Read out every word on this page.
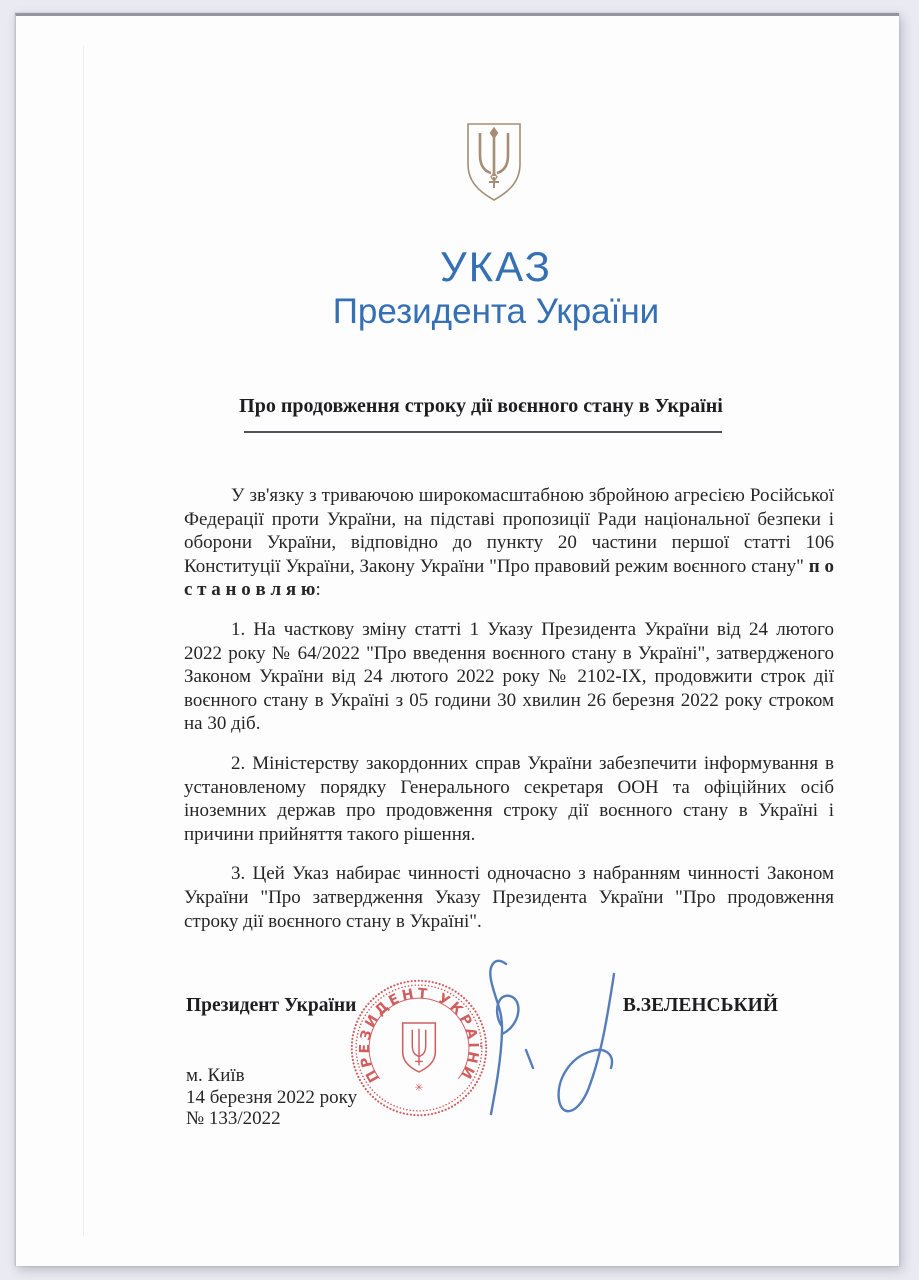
УКАЗ
Президента України
Про продовження строку дії воєнного стану в Україні

У зв'язку з триваючою широкомасштабною збройною агресією Російської Федерації проти України, на підставі пропозиції Ради національної безпеки і оборони України, відповідно до пункту 20 частини першої статті 106 Конституції України, Закону України "Про правовий режим воєнного стану" п о с т а н о в л я ю:

1. На часткову зміну статті 1 Указу Президента України від 24 лютого 2022 року № 64/2022 "Про введення воєнного стану в Україні", затвердженого Законом України від 24 лютого 2022 року № 2102-ІХ, продовжити строк дії воєнного стану в Україні з 05 години 30 хвилин 26 березня 2022 року строком на 30 діб.

2. Міністерству закордонних справ України забезпечити інформування в установленому порядку Генерального секретаря ООН та офіційних осіб іноземних держав про продовження строку дії воєнного стану в Україні і причини прийняття такого рішення.

3. Цей Указ набирає чинності одночасно з набранням чинності Законом України "Про затвердження Указу Президента України "Про продовження строку дії воєнного стану в Україні".

Президент України	В.ЗЕЛЕНСЬКИЙ
м. Київ
14 березня 2022 року
№ 133/2022
ПРЕЗИДЕНТ УКРАЇНИ
✳
